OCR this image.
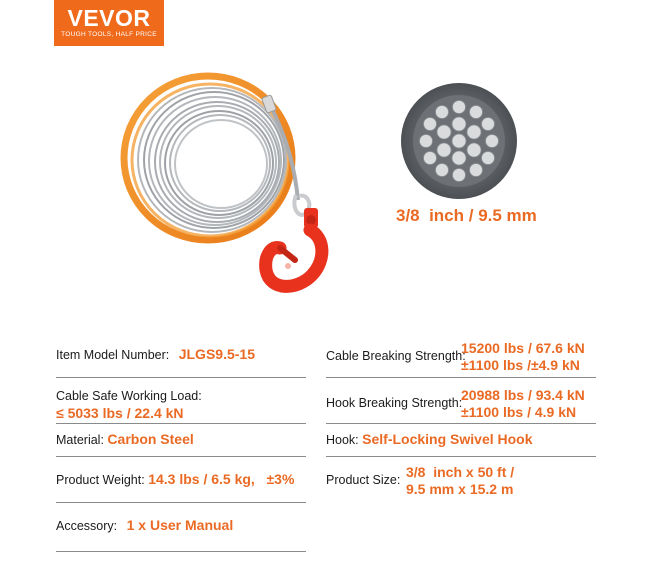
VEVOR
TOUGH TOOLS, HALF PRICE
3/8  inch / 9.5 mm
Item Model Number: JLGS9.5-15
Cable Safe Working Load:
≤ 5033 lbs / 22.4 kN
Material: Carbon Steel
Product Weight: 14.3 lbs / 6.5 kg,   ±3%
Accessory: 1 x User Manual
Cable Breaking Strength:
15200 lbs / 67.6 kN
±1100 lbs /±4.9 kN
Hook Breaking Strength:
20988 lbs / 93.4 kN
±1100 lbs / 4.9 kN
Hook: Self-Locking Swivel Hook
Product Size: 3/8  inch x 50 ft /
9.5 mm x 15.2 m
